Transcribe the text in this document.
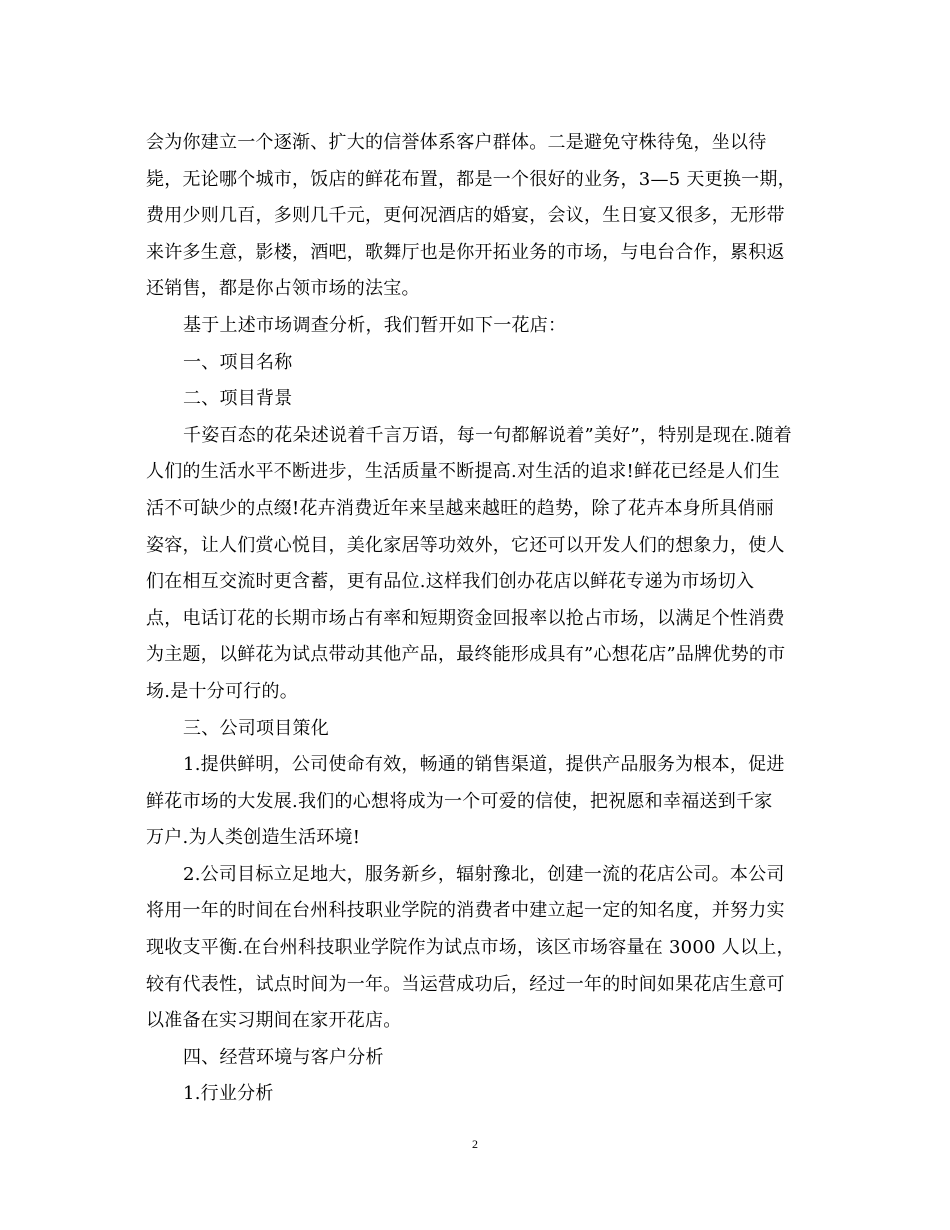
会为你建立一个逐渐、扩大的信誉体系客户群体。二是避免守株待兔，坐以待
毙，无论哪个城市，饭店的鲜花布置，都是一个很好的业务，3—5 天更换一期，
费用少则几百，多则几千元，更何况酒店的婚宴，会议，生日宴又很多，无形带
来许多生意，影楼，酒吧，歌舞厅也是你开拓业务的市场，与电台合作，累积返
还销售，都是你占领市场的法宝。
基于上述市场调查分析，我们暂开如下一花店：
一、项目名称
二、项目背景
千姿百态的花朵述说着千言万语，每一句都解说着”美好”，特别是现在.随着
人们的生活水平不断进步，生活质量不断提高.对生活的追求!鲜花已经是人们生
活不可缺少的点缀!花卉消费近年来呈越来越旺的趋势，除了花卉本身所具俏丽
姿容，让人们赏心悦目，美化家居等功效外，它还可以开发人们的想象力，使人
们在相互交流时更含蓄，更有品位.这样我们创办花店以鲜花专递为市场切入
点，电话订花的长期市场占有率和短期资金回报率以抢占市场，以满足个性消费
为主题，以鲜花为试点带动其他产品，最终能形成具有”心想花店”品牌优势的市
场.是十分可行的。
三、公司项目策化
1.提供鲜明，公司使命有效，畅通的销售渠道，提供产品服务为根本，促进
鲜花市场的大发展.我们的心想将成为一个可爱的信使，把祝愿和幸福送到千家
万户.为人类创造生活环境!
2.公司目标立足地大，服务新乡，辐射豫北，创建一流的花店公司。本公司
将用一年的时间在台州科技职业学院的消费者中建立起一定的知名度，并努力实
现收支平衡.在台州科技职业学院作为试点市场，该区市场容量在 3000 人以上，
较有代表性，试点时间为一年。当运营成功后，经过一年的时间如果花店生意可
以准备在实习期间在家开花店。
四、经营环境与客户分析
1.行业分析
2
